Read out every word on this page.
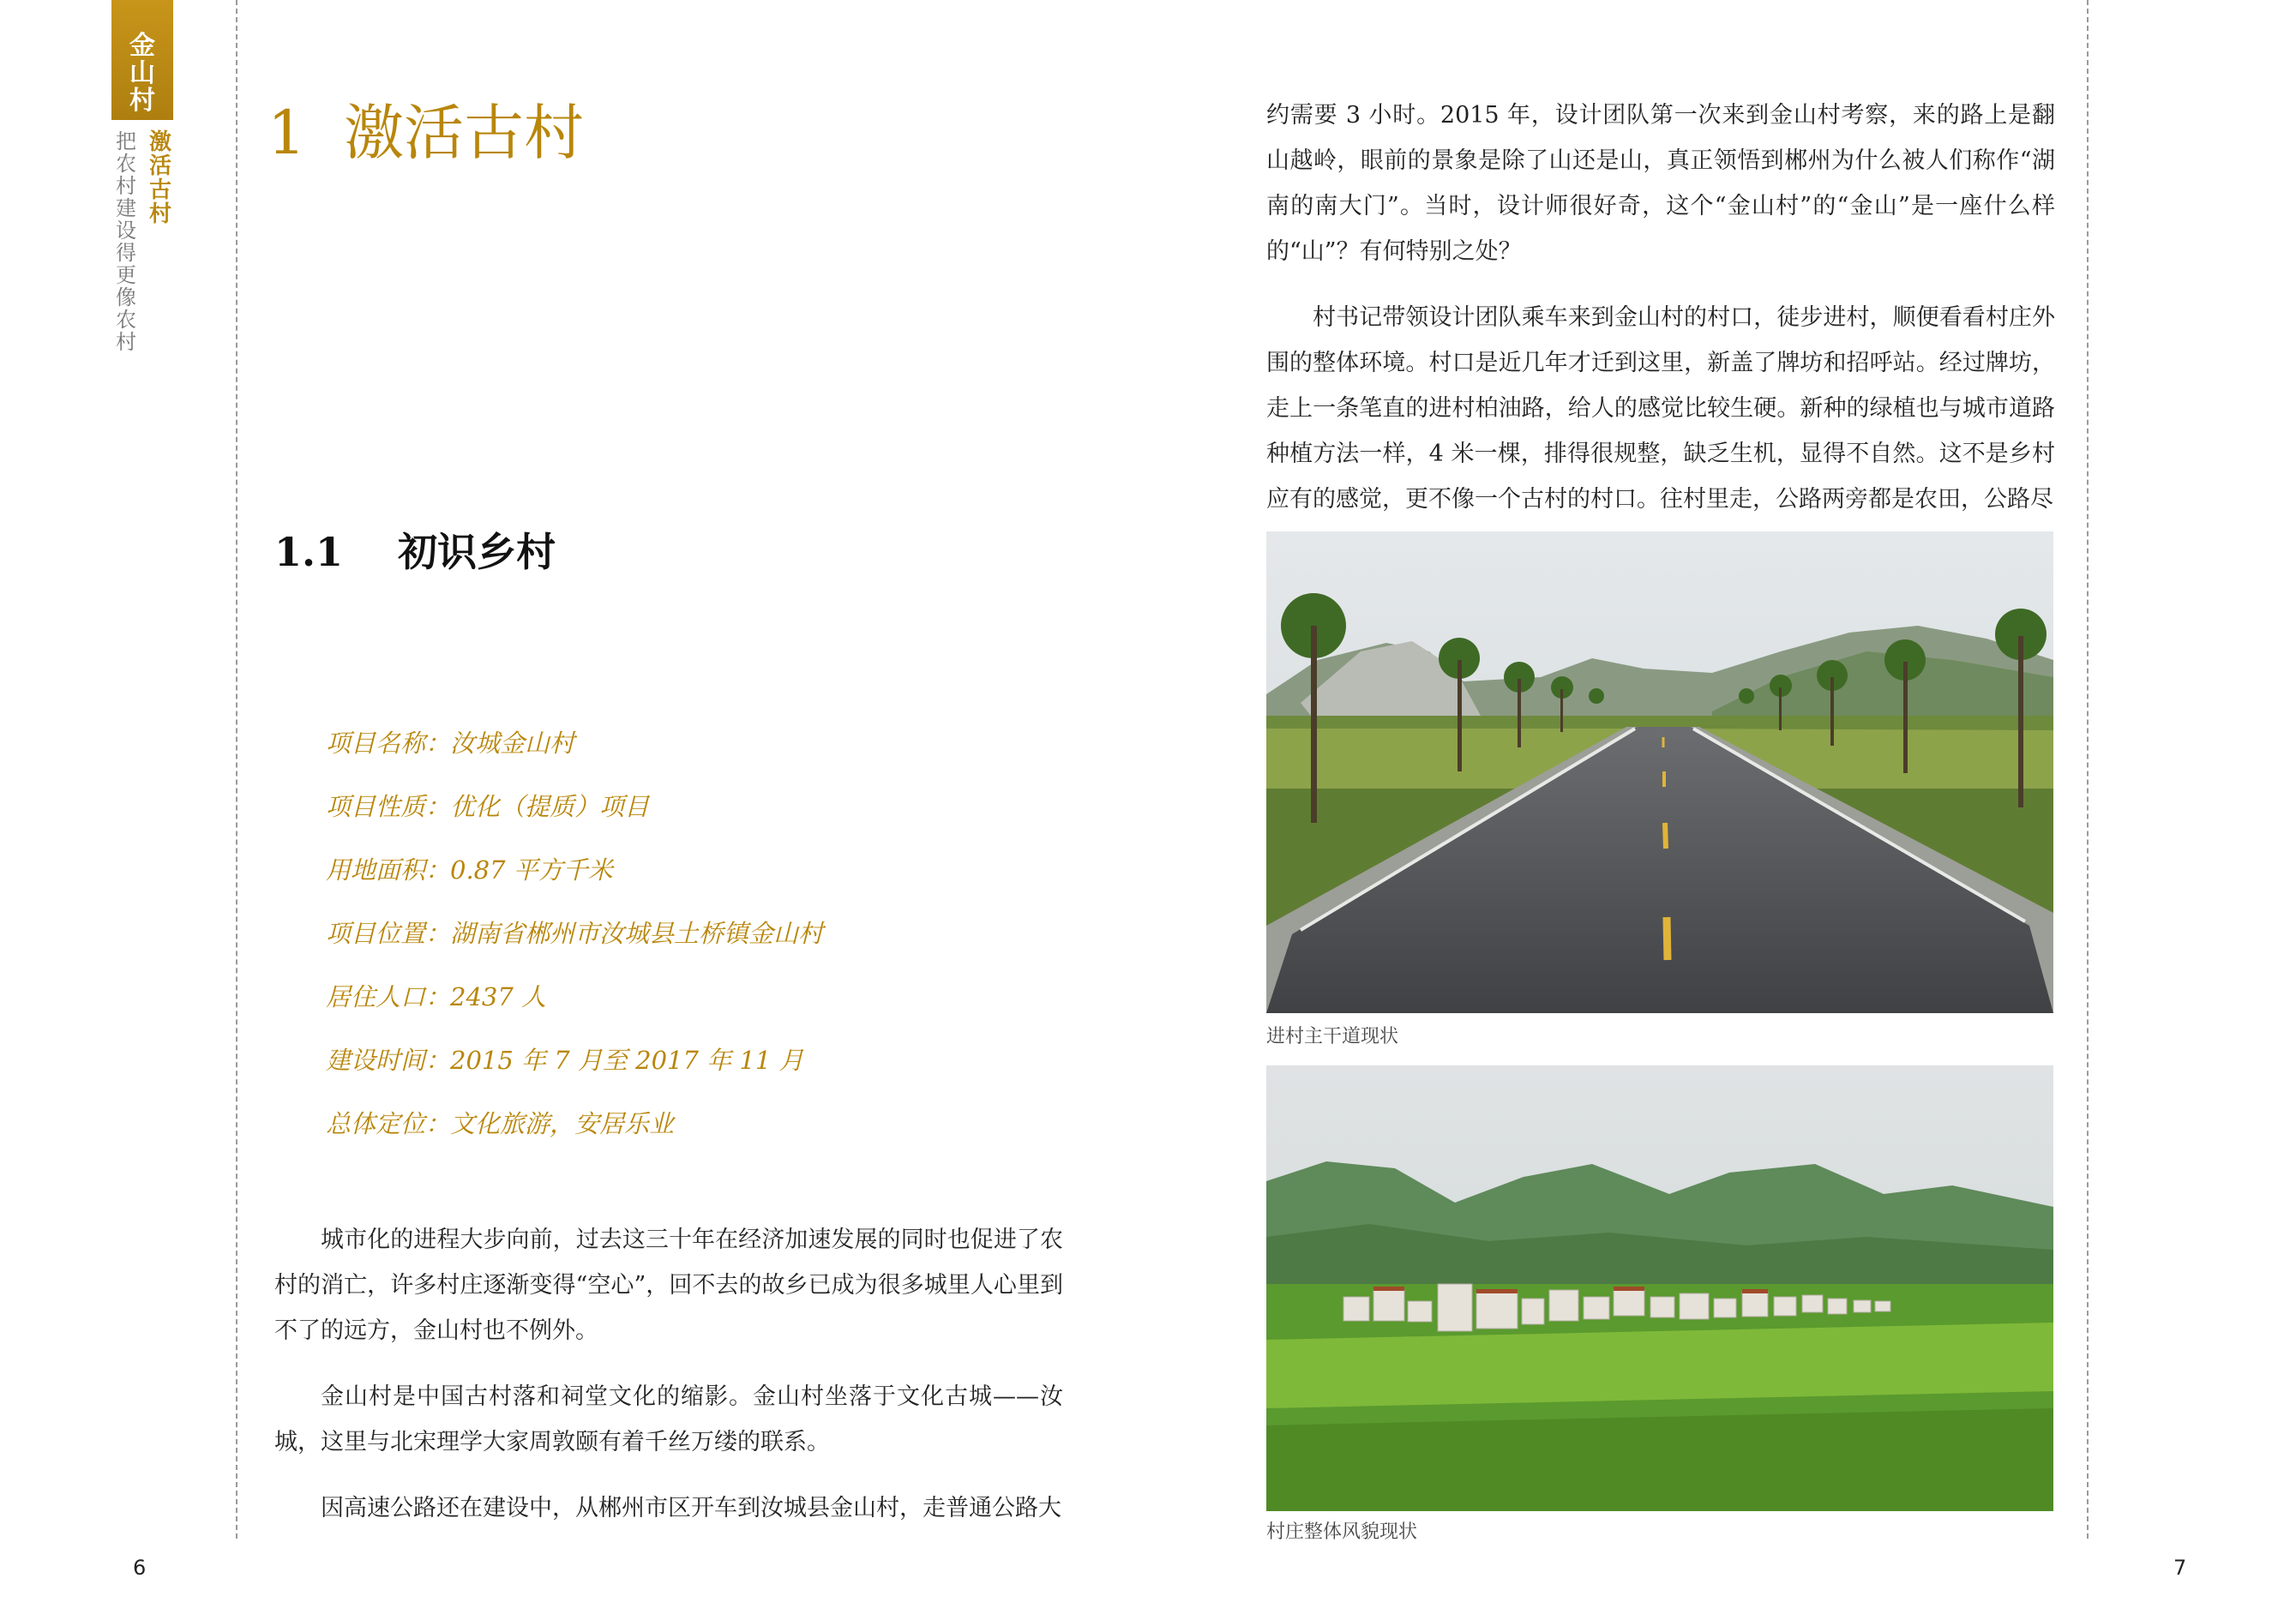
金山村
激活古村
把农村建设得更像农村
1 激活古村
1.1 初识乡村
项目名称：汝城金山村
项目性质：优化（提质）项目
用地面积：0.87 平方千米
项目位置：湖南省郴州市汝城县土桥镇金山村
居住人口：2437 人
建设时间：2015 年 7 月至 2017 年 11 月
总体定位：文化旅游，安居乐业

城市化的进程大步向前，过去这三十年在经济加速发展的同时也促进了农村的消亡，许多村庄逐渐变得“空心”，回不去的故乡已成为很多城里人心里到不了的远方，金山村也不例外。

金山村是中国古村落和祠堂文化的缩影。金山村坐落于文化古城——汝城，这里与北宋理学大家周敦颐有着千丝万缕的联系。

因高速公路还在建设中，从郴州市区开车到汝城县金山村，走普通公路大

6

约需要 3 小时。2015 年，设计团队第一次来到金山村考察，来的路上是翻山越岭，眼前的景象是除了山还是山，真正领悟到郴州为什么被人们称作“湖南的南大门”。当时，设计师很好奇，这个“金山村”的“金山”是一座什么样的“山”？有何特别之处？

村书记带领设计团队乘车来到金山村的村口，徒步进村，顺便看看村庄外围的整体环境。村口是近几年才迁到这里，新盖了牌坊和招呼站。经过牌坊，走上一条笔直的进村柏油路，给人的感觉比较生硬。新种的绿植也与城市道路种植方法一样，4 米一棵，排得很规整，缺乏生机，显得不自然。这不是乡村应有的感觉，更不像一个古村的村口。往村里走，公路两旁都是农田，公路尽

进村主干道现状
村庄整体风貌现状
7
